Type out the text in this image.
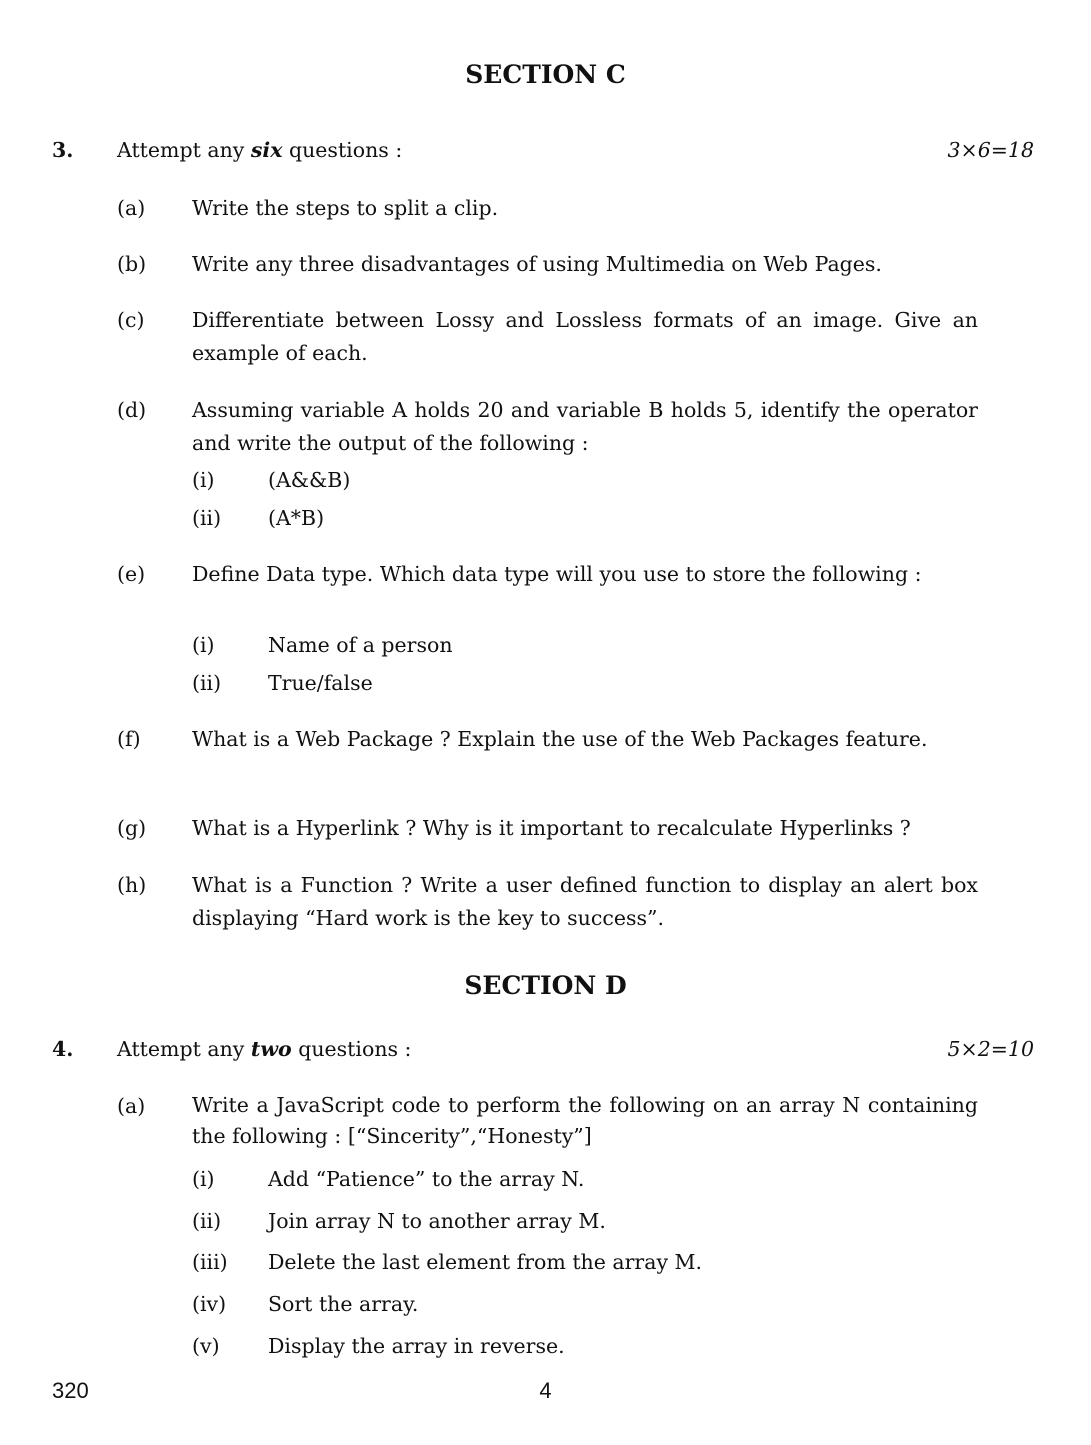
SECTION C
3. Attempt any six questions :	3×6=18
(a) Write the steps to split a clip.
(b) Write any three disadvantages of using Multimedia on Web Pages.
(c) Differentiate between Lossy and Lossless formats of an image. Give an example of each.
(d) Assuming variable A holds 20 and variable B holds 5, identify the operator and write the output of the following :
(i)	(A&&B)
(ii) (A*B)
(e) Define Data type. Which data type will you use to store the following :
(i)	Name of a person
(ii) True/false
(f)	What is a Web Package ? Explain the use of the Web Packages feature.
(g) What is a Hyperlink ? Why is it important to recalculate Hyperlinks ?
(h) What is a Function ? Write a user defined function to display an alert box displaying “Hard work is the key to success”.
SECTION D
4. Attempt any two questions :	5×2=10
(a) Write a JavaScript code to perform the following on an array N containing the following : [“Sincerity”,“Honesty”]
(i)	Add “Patience” to the array N.
(ii) Join array N to another array M.
(iii) Delete the last element from the array M.
(iv) Sort the array.
(v) Display the array in reverse.
320	4
